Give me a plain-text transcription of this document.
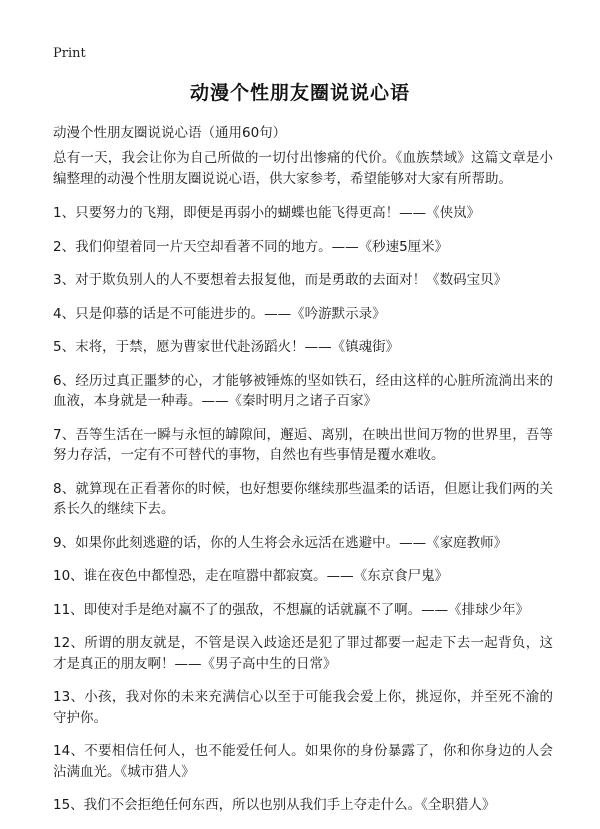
Print
动漫个性朋友圈说说心语
动漫个性朋友圈说说心语（通用60句）

总有一天，我会让你为自己所做的一切付出惨痛的代价。《血族禁域》这篇文章是小编整理的动漫个性朋友圈说说心语，供大家参考，希望能够对大家有所帮助。

1、只要努力的飞翔，即便是再弱小的蝴蝶也能飞得更高！——《侠岚》

2、我们仰望着同一片天空却看著不同的地方。——《秒速5厘米》

3、对于欺负别人的人不要想着去报复他，而是勇敢的去面对！《数码宝贝》

4、只是仰慕的话是不可能进步的。——《吟游默示录》

5、末将，于禁，愿为曹家世代赴汤蹈火！——《镇魂街》

6、经历过真正噩梦的心，才能够被锤炼的坚如铁石，经由这样的心脏所流淌出来的血液，本身就是一种毒。——《秦时明月之诸子百家》

7、吾等生活在一瞬与永恒的罅隙间，邂逅、离别，在映出世间万物的世界里，吾等努力存活，一定有不可替代的事物，自然也有些事情是覆水难收。

8、就算现在正看著你的时候，也好想要你继续那些温柔的话语，但愿让我们两的关系长久的继续下去。

9、如果你此刻逃避的话，你的人生将会永远活在逃避中。——《家庭教师》

10、谁在夜色中都惶恐，走在喧嚣中都寂寞。——《东京食尸鬼》

11、即使对手是绝对赢不了的强敌，不想赢的话就赢不了啊。——《排球少年》

12、所谓的朋友就是，不管是误入歧途还是犯了罪过都要一起走下去一起背负，这才是真正的朋友啊！——《男子高中生的日常》

13、小孩，我对你的未来充满信心以至于可能我会爱上你，挑逗你，并至死不渝的守护你。

14、不要相信任何人，也不能爱任何人。如果你的身份暴露了，你和你身边的人会沾满血光。《城市猎人》

15、我们不会拒绝任何东西，所以也别从我们手上夺走什么。《全职猎人》
